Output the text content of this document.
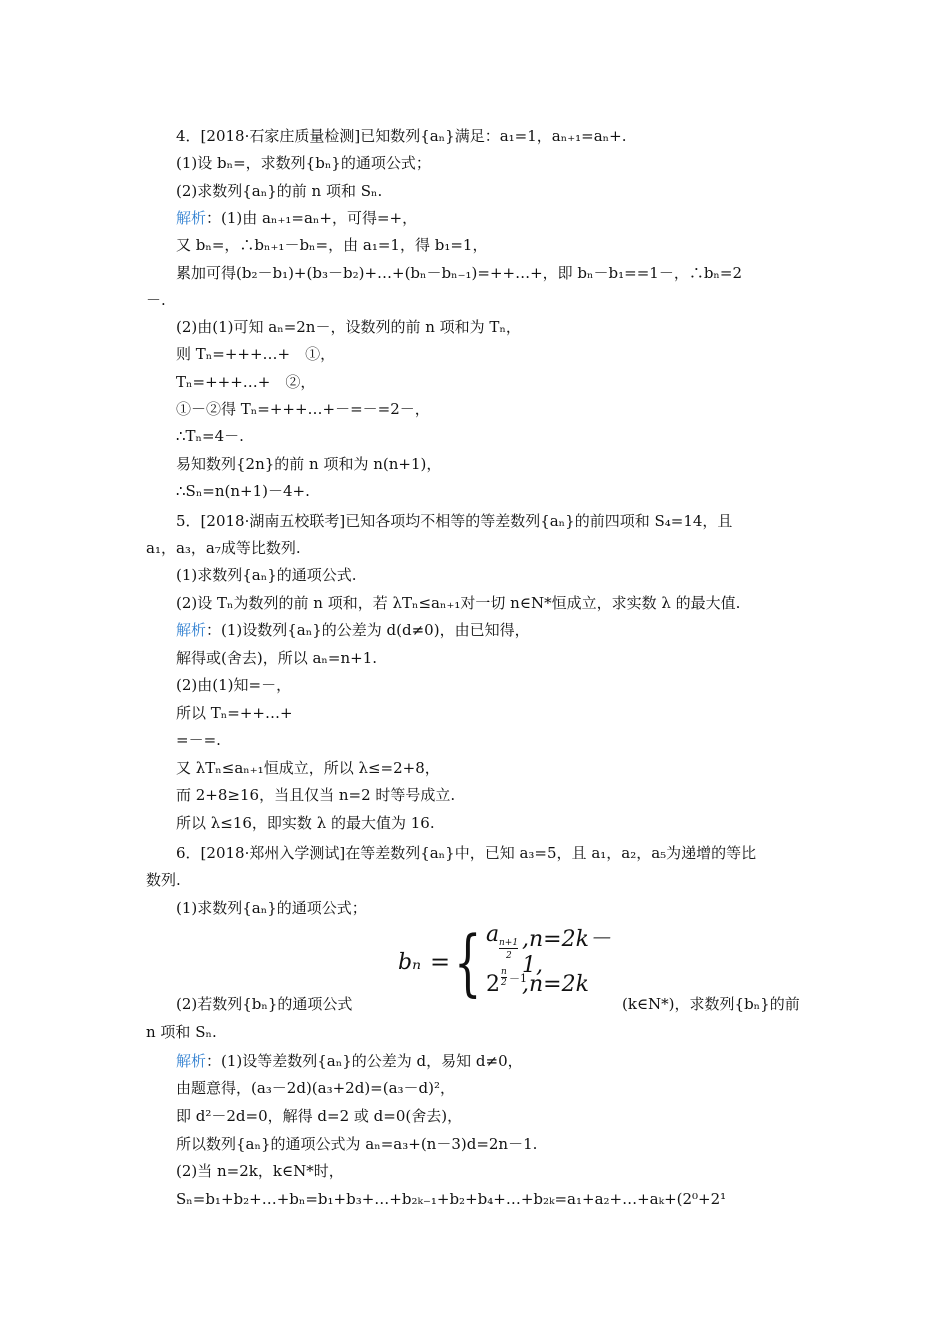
4．[2018·石家庄质量检测]已知数列{aₙ}满足：a₁=1，aₙ₊₁=aₙ+.
(1)设 bₙ=，求数列{bₙ}的通项公式；
(2)求数列{aₙ}的前 n 项和 Sₙ.
解析：(1)由 aₙ₊₁=aₙ+，可得=+，
又 bₙ=，∴bₙ₊₁－bₙ=，由 a₁=1，得 b₁=1，
累加可得(b₂－b₁)+(b₃－b₂)+…+(bₙ－bₙ₋₁)=++…+，即 bₙ－b₁==1－，∴bₙ=2
－.
(2)由(1)可知 aₙ=2n－，设数列的前 n 项和为 Tₙ，
则 Tₙ=+++…+　①，
Tₙ=+++…+　②，
①－②得 Tₙ=+++…+－=－=2－，
∴Tₙ=4－.
易知数列{2n}的前 n 项和为 n(n+1)，
∴Sₙ=n(n+1)－4+.
5．[2018·湖南五校联考]已知各项均不相等的等差数列{aₙ}的前四项和 S₄=14，且
a₁，a₃，a₇成等比数列.
(1)求数列{aₙ}的通项公式.
(2)设 Tₙ为数列的前 n 项和，若 λTₙ≤aₙ₊₁对一切 n∈N*恒成立，求实数 λ 的最大值.
解析：(1)设数列{aₙ}的公差为 d(d≠0)，由已知得，
解得或(舍去)，所以 aₙ=n+1.
(2)由(1)知=－，
所以 Tₙ=++…+
=－=.
又 λTₙ≤aₙ₊₁恒成立，所以 λ≤=2+8，
而 2+8≥16，当且仅当 n=2 时等号成立.
所以 λ≤16，即实数 λ 的最大值为 16.
6．[2018·郑州入学测试]在等差数列{aₙ}中，已知 a₃=5，且 a₁，a₂，a₅为递增的等比
数列.
(1)求数列{aₙ}的通项公式；
bₙ = { a n+1
2
,n=2k－1,
2 n
2 －1
,n=2k
(2)若数列{bₙ}的通项公式	(k∈N*)，求数列{bₙ}的前
n 项和 Sₙ.
解析：(1)设等差数列{aₙ}的公差为 d，易知 d≠0，
由题意得，(a₃－2d)(a₃+2d)=(a₃－d)²，
即 d²－2d=0，解得 d=2 或 d=0(舍去)，
所以数列{aₙ}的通项公式为 aₙ=a₃+(n－3)d=2n－1.
(2)当 n=2k，k∈N*时，
Sₙ=b₁+b₂+…+bₙ=b₁+b₃+…+b₂ₖ₋₁+b₂+b₄+…+b₂ₖ=a₁+a₂+…+aₖ+(2⁰+2¹
